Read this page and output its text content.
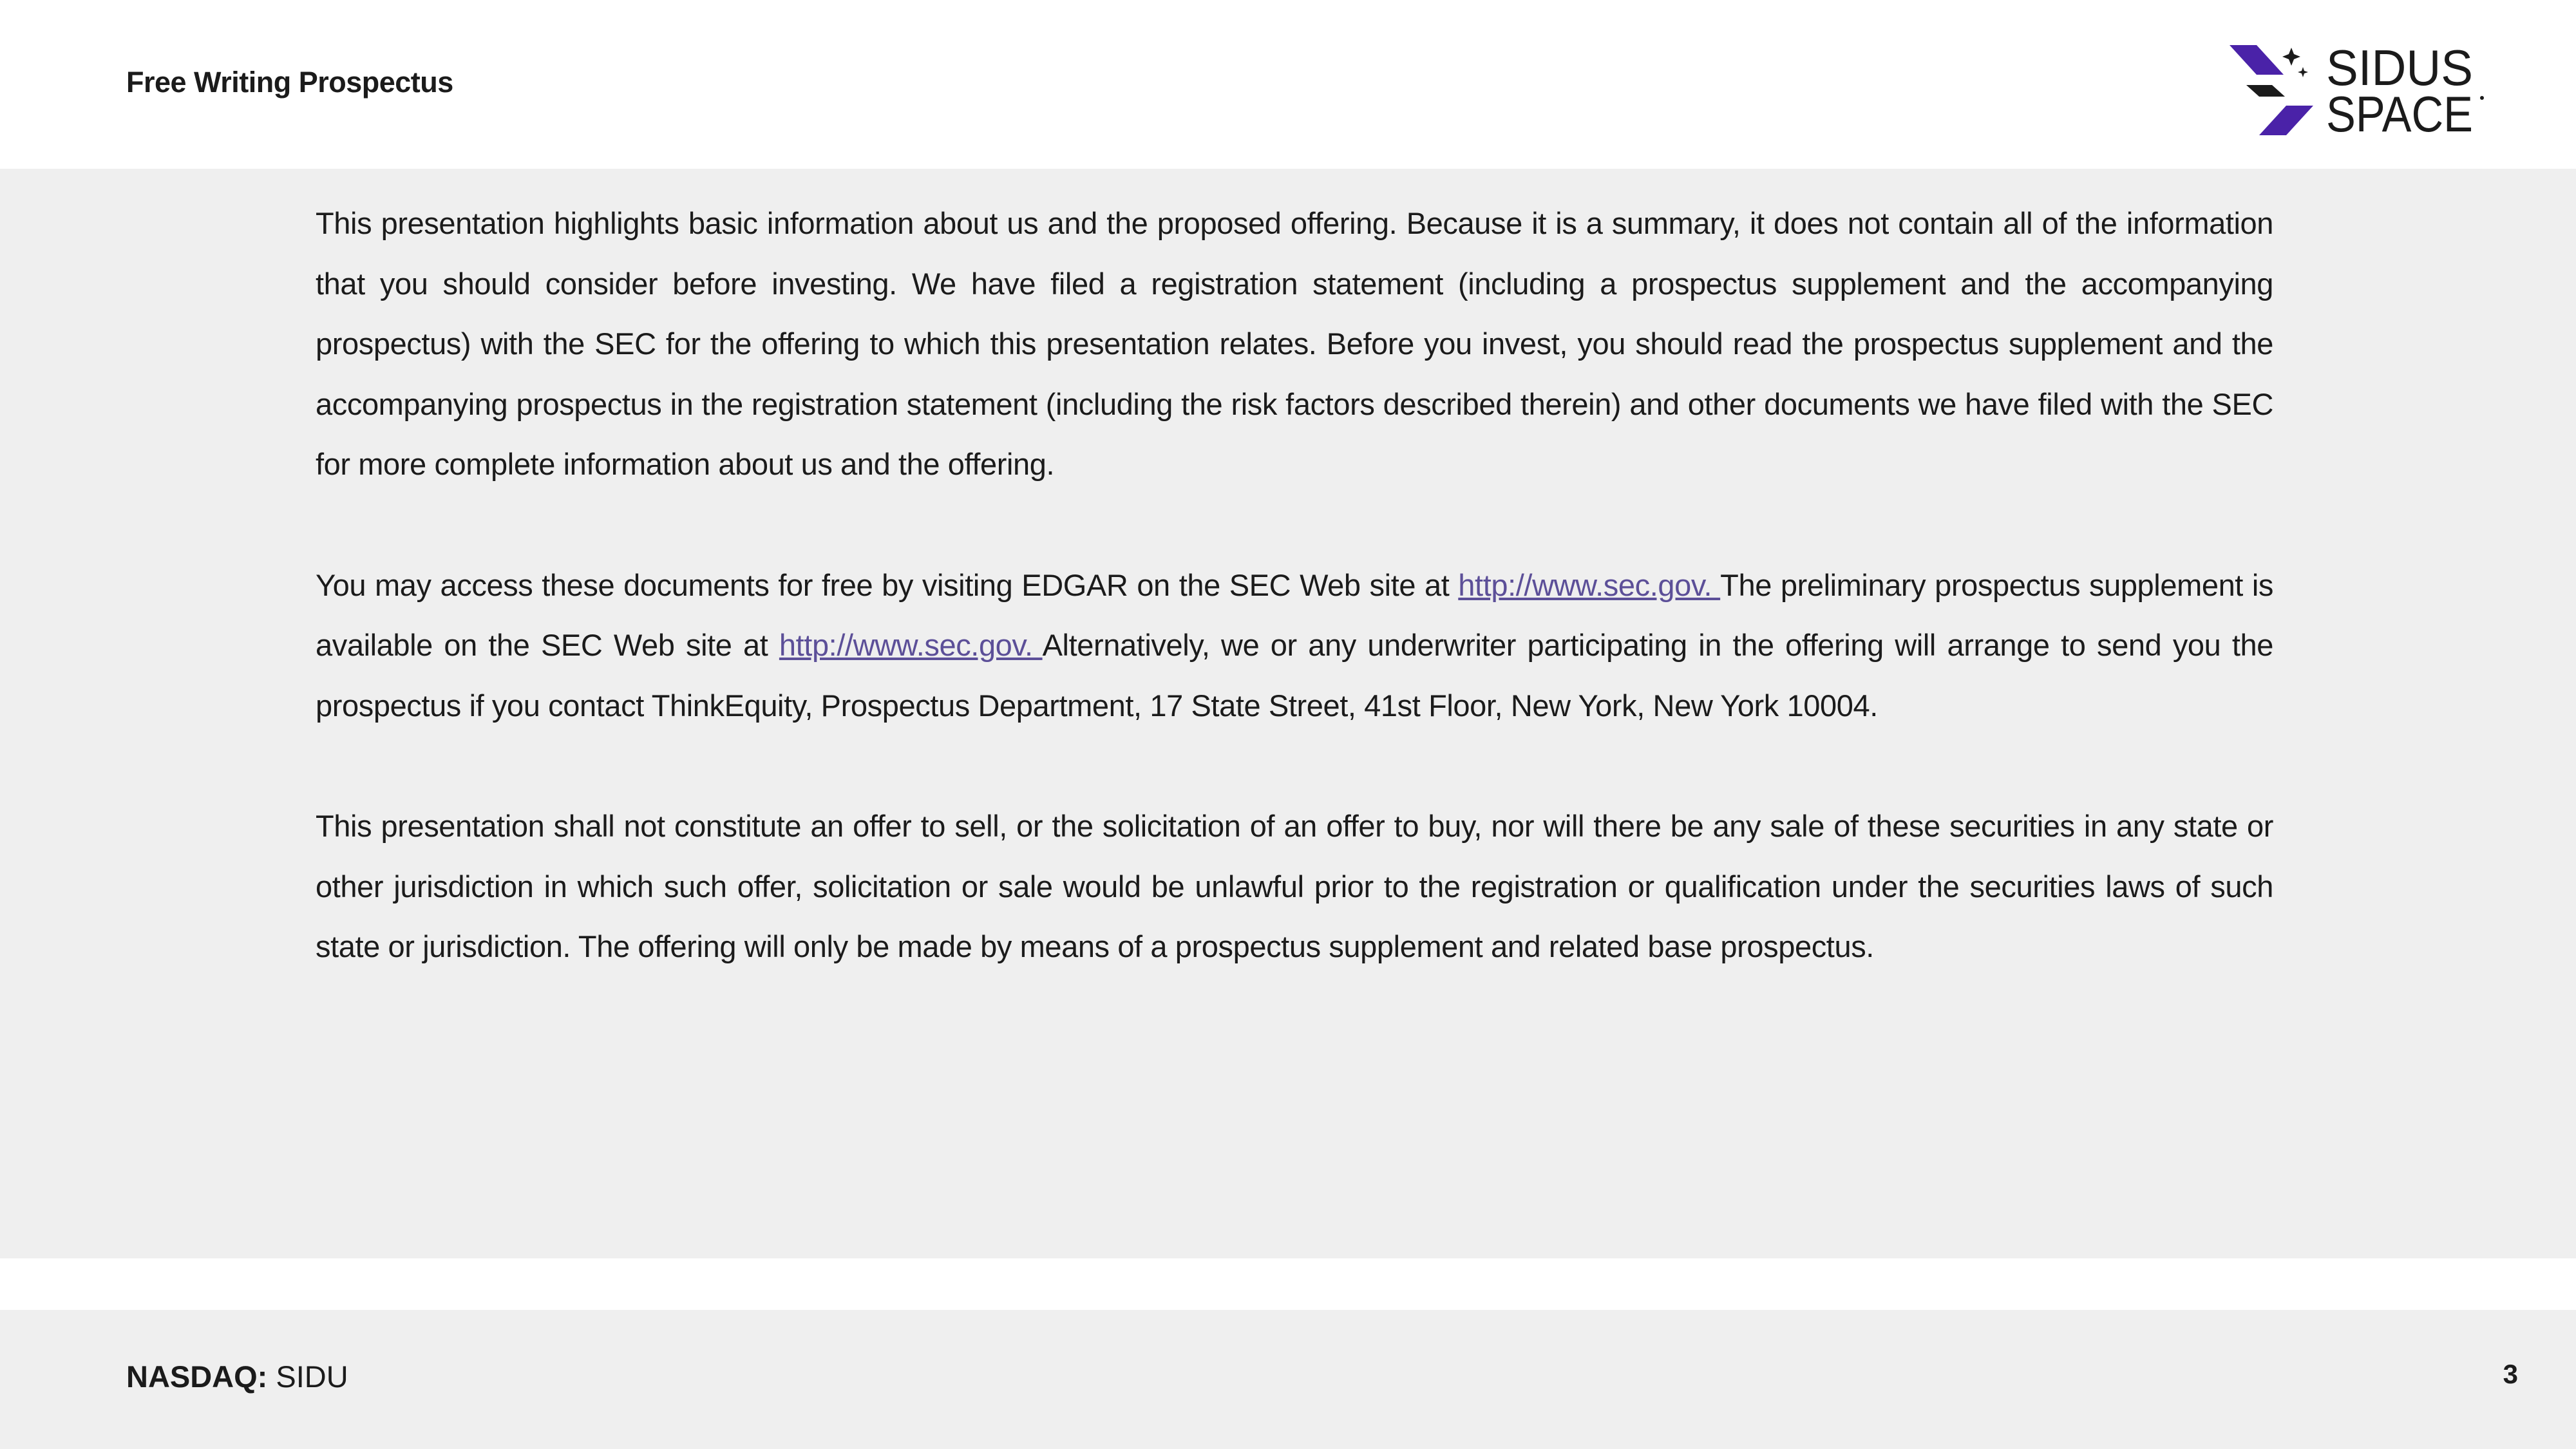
Free Writing Prospectus	SIDUS
SPACE

This presentation highlights basic information about us and the proposed offering. Because it is a summary, it does not contain all of the information that you should consider before investing. We have filed a registration statement (including a prospectus supplement and the accompanying prospectus) with the SEC for the offering to which this presentation relates. Before you invest, you should read the prospectus supplement and the accompanying prospectus in the registration statement (including the risk factors described therein) and other documents we have filed with the SEC for more complete information about us and the offering.

You may access these documents for free by visiting EDGAR on the SEC Web site at http://www.sec.gov. The preliminary prospectus supplement is available on the SEC Web site at http://www.sec.gov. Alternatively, we or any underwriter participating in the offering will arrange to send you the prospectus if you contact ThinkEquity, Prospectus Department, 17 State Street, 41st Floor, New York, New York 10004.

This presentation shall not constitute an offer to sell, or the solicitation of an offer to buy, nor will there be any sale of these securities in any state or other jurisdiction in which such offer, solicitation or sale would be unlawful prior to the registration or qualification under the securities laws of such state or jurisdiction. The offering will only be made by means of a prospectus supplement and related base prospectus.

NASDAQ: SIDU	3
